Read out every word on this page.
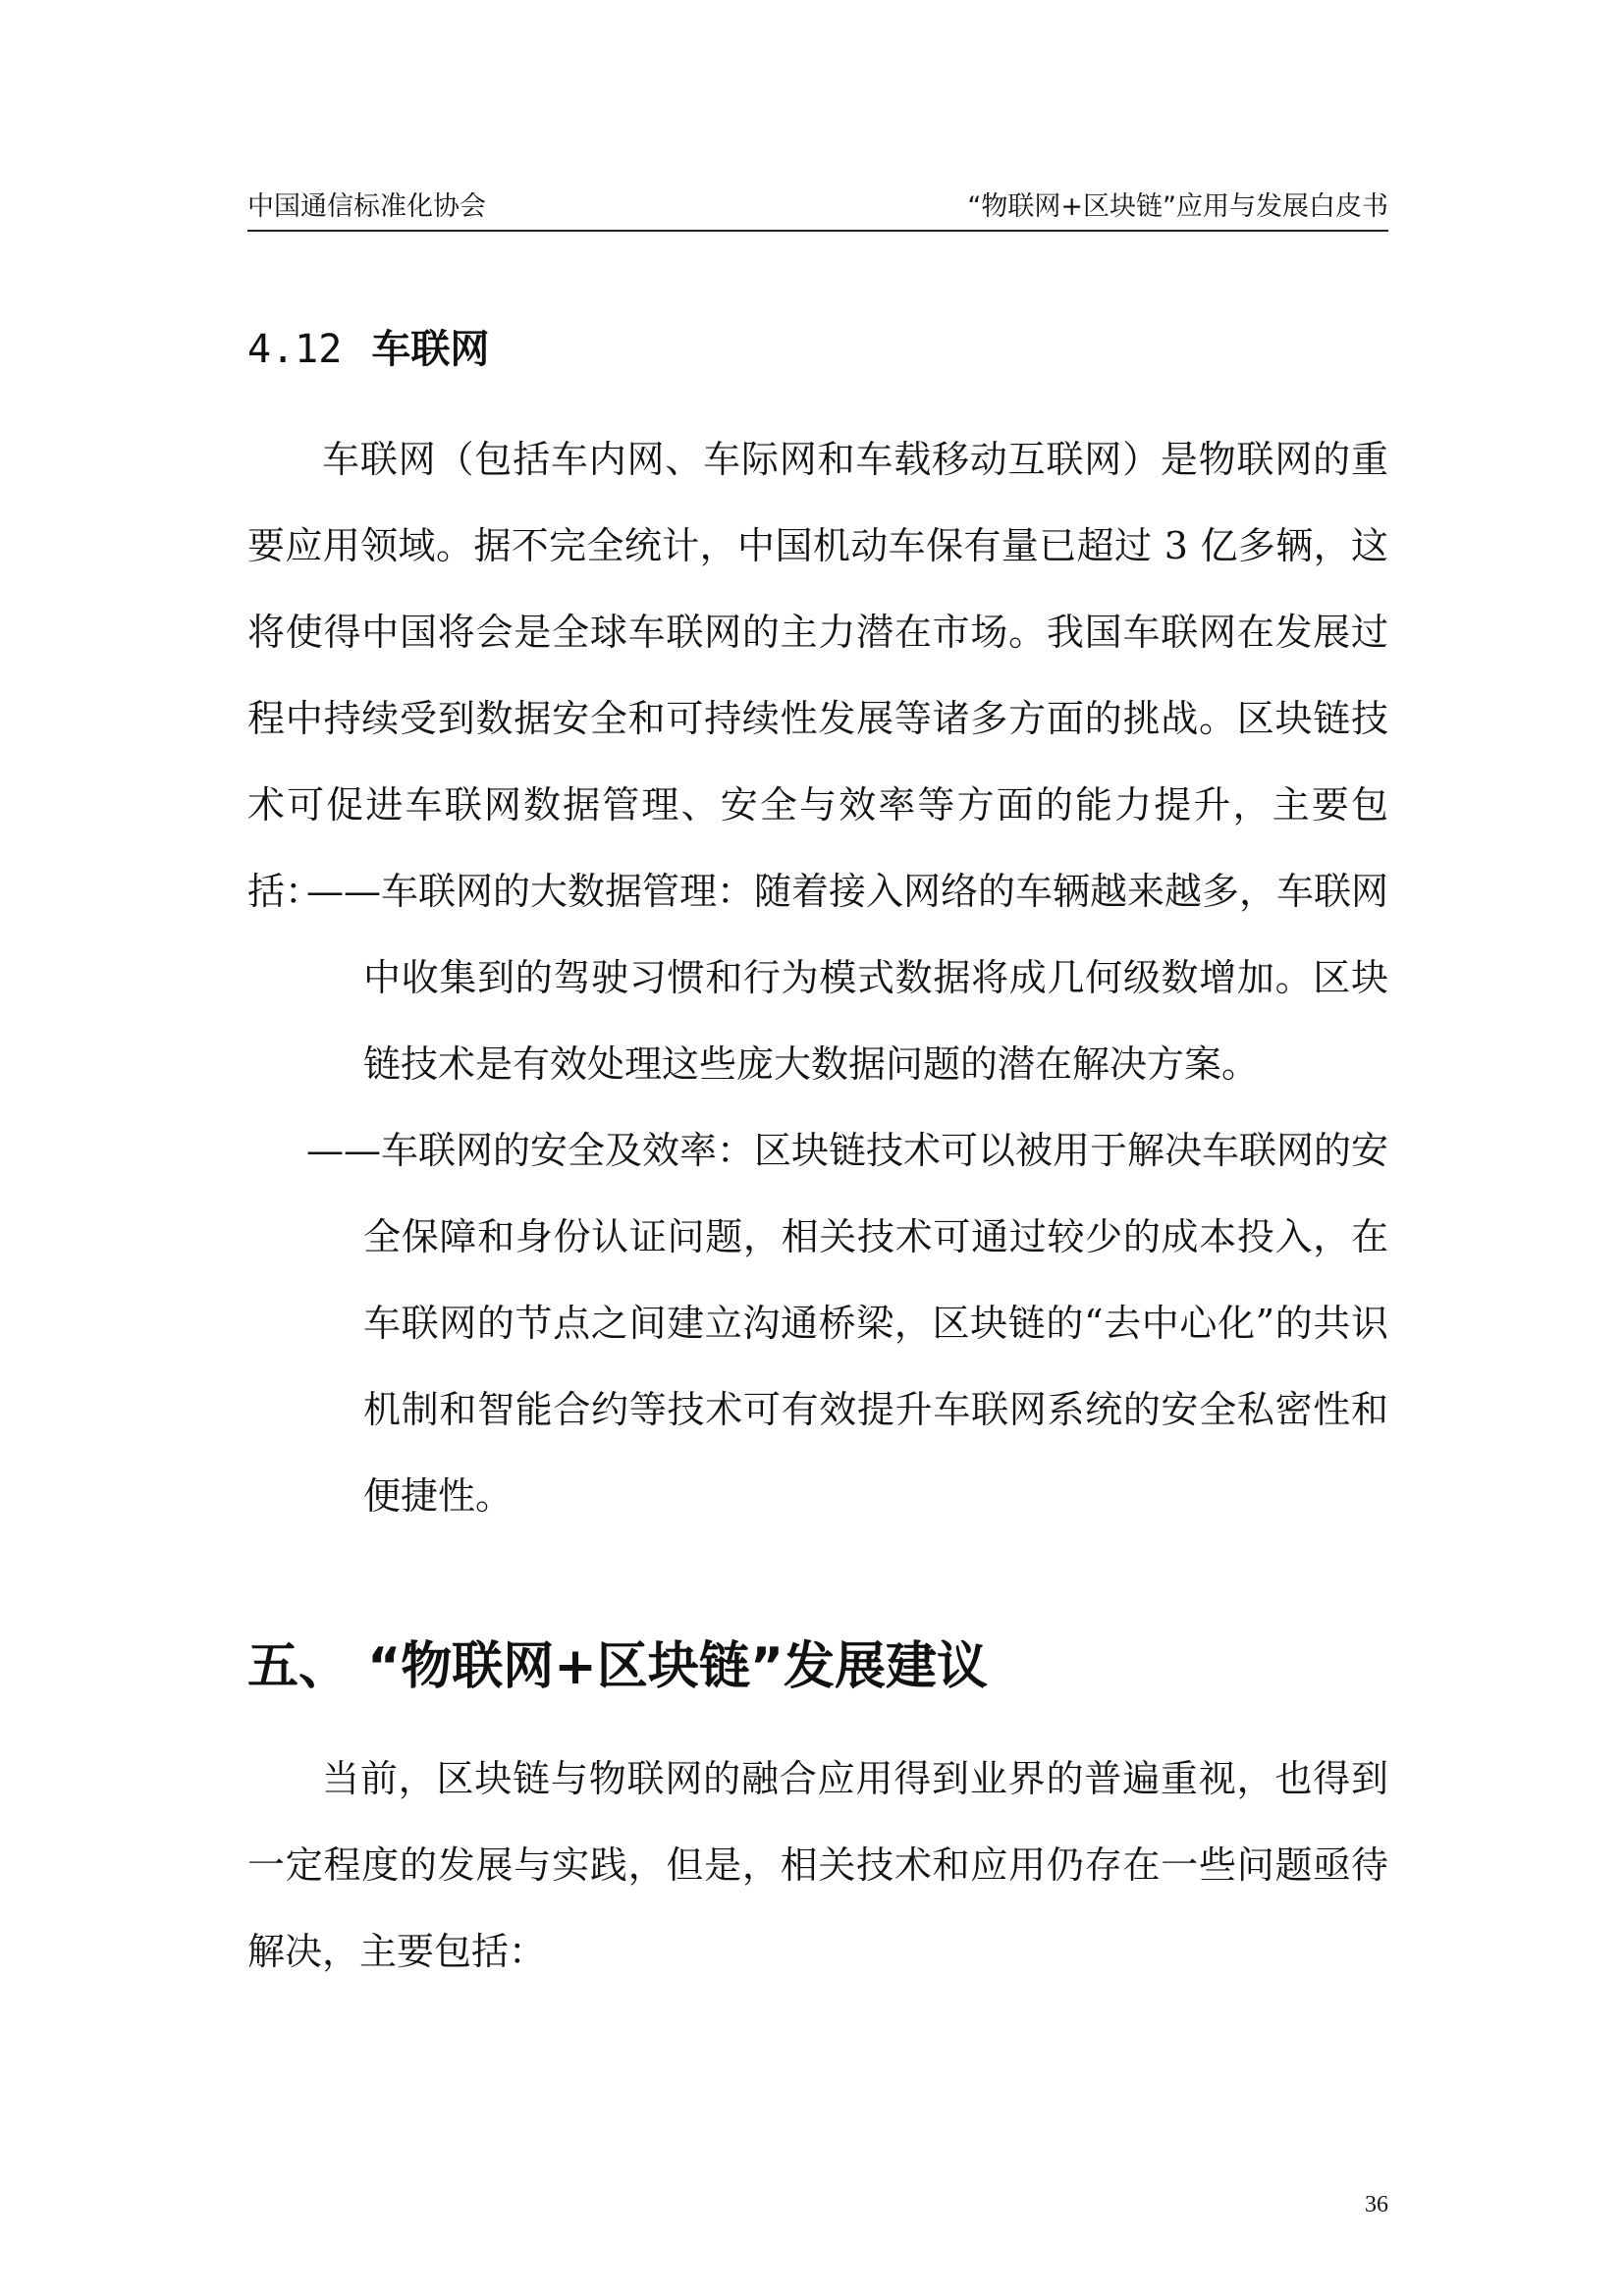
中国通信标准化协会	“物联网+区块链”应用与发展白皮书
4.12 车联网
车联网（包括车内网、车际网和车载移动互联网）是物联网的重要应用领域。据不完全统计，中国机动车保有量已超过 3 亿多辆，这将使得中国将会是全球车联网的主力潜在市场。我国车联网在发展过程中持续受到数据安全和可持续性发展等诸多方面的挑战。区块链技术可促进车联网数据管理、安全与效率等方面的能力提升，主要包括：
——车联网的大数据管理：随着接入网络的车辆越来越多，车联网中收集到的驾驶习惯和行为模式数据将成几何级数增加。区块链技术是有效处理这些庞大数据问题的潜在解决方案。
——车联网的安全及效率：区块链技术可以被用于解决车联网的安全保障和身份认证问题，相关技术可通过较少的成本投入，在车联网的节点之间建立沟通桥梁，区块链的“去中心化”的共识机制和智能合约等技术可有效提升车联网系统的安全私密性和便捷性。
五、 “物联网+区块链”发展建议
当前，区块链与物联网的融合应用得到业界的普遍重视，也得到一定程度的发展与实践，但是，相关技术和应用仍存在一些问题亟待解决，主要包括：
36
